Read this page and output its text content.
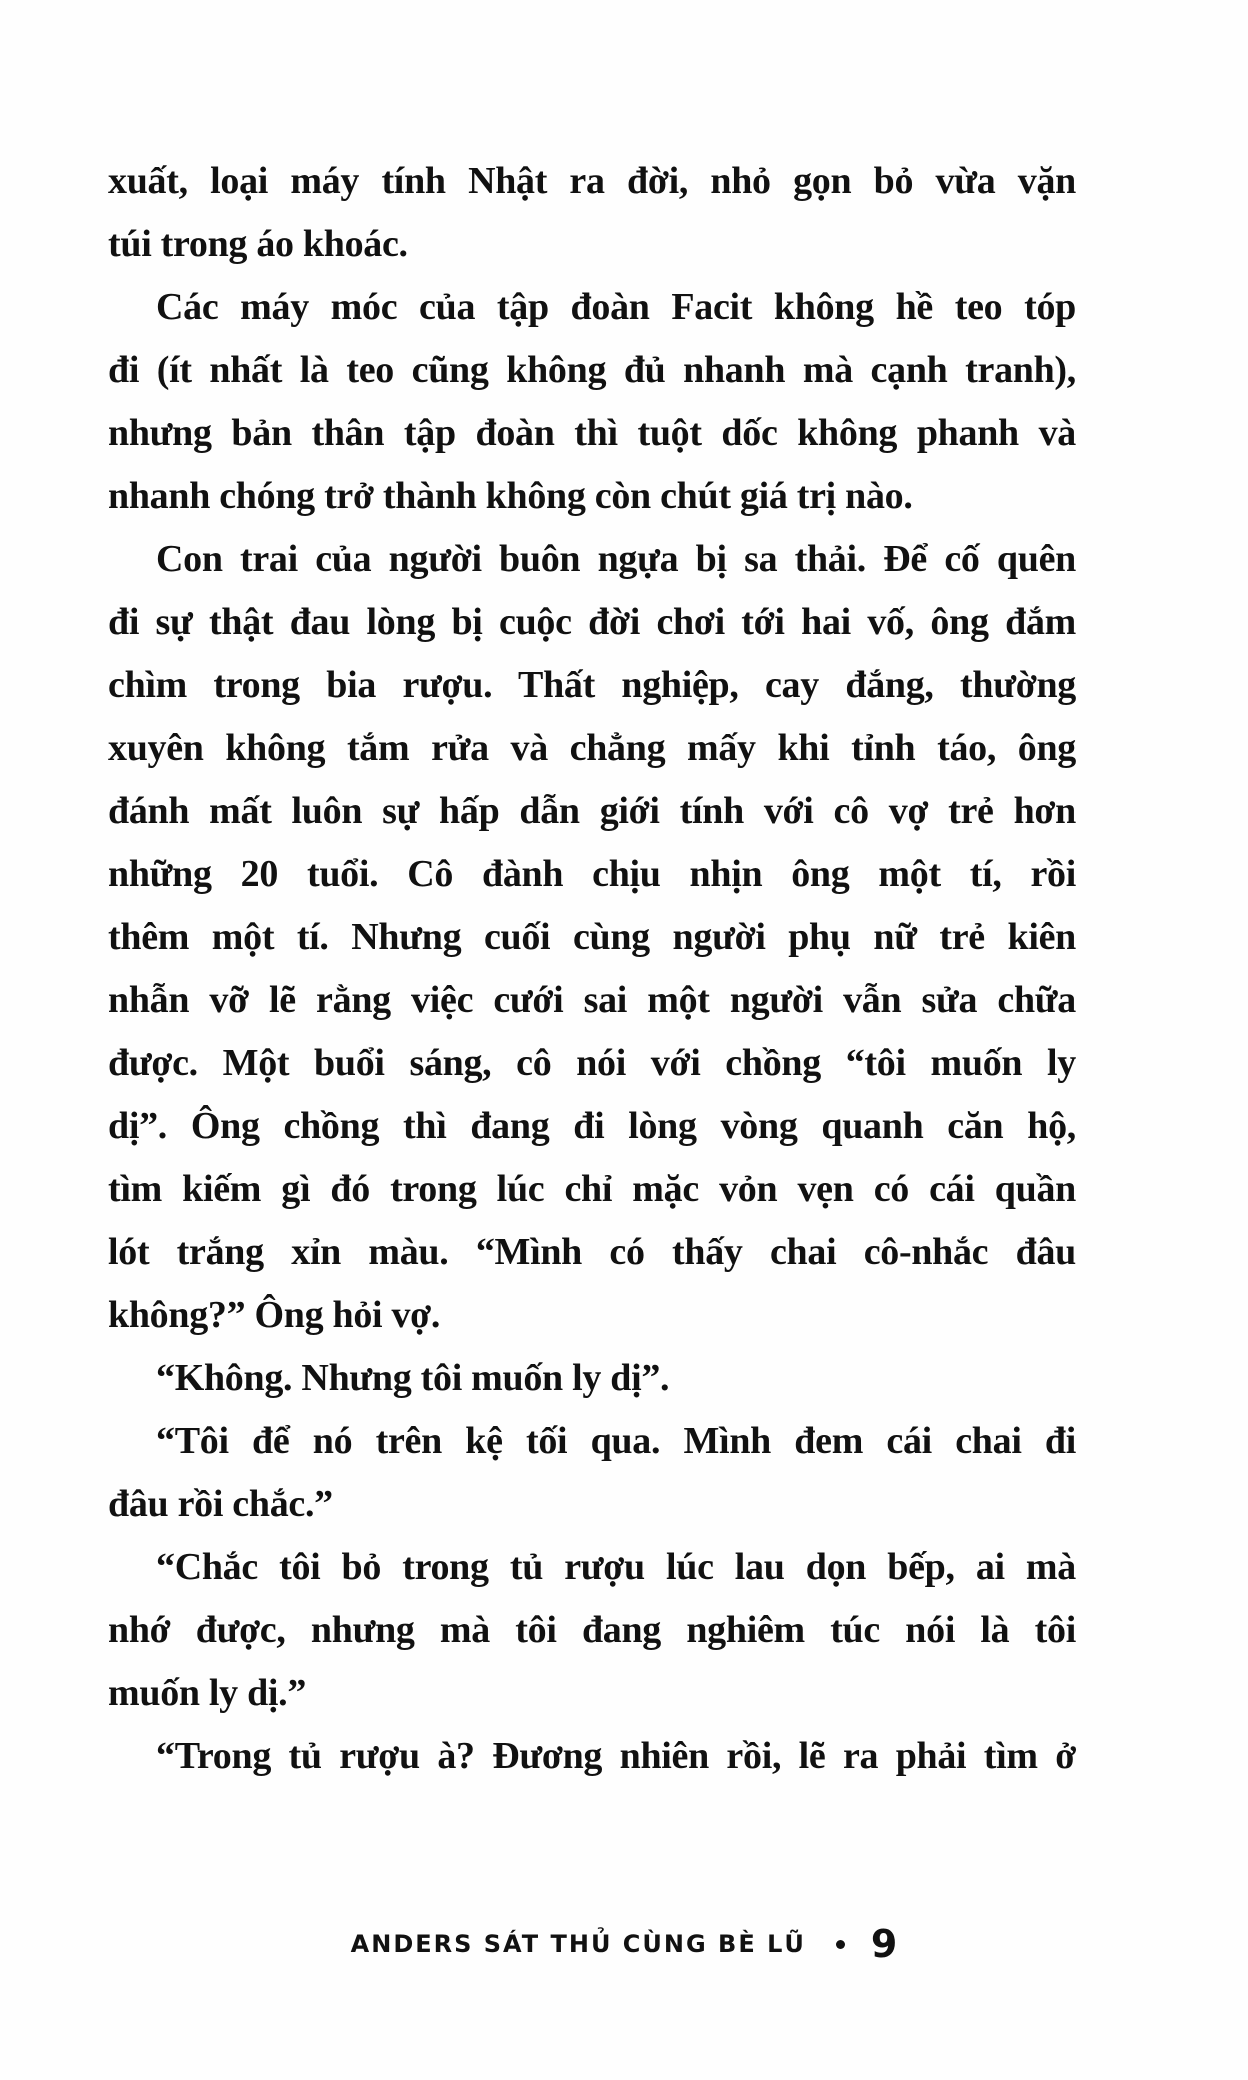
xuất, loại máy tính Nhật ra đời, nhỏ gọn bỏ vừa vặn
túi trong áo khoác.
Các máy móc của tập đoàn Facit không hề teo tóp
đi (ít nhất là teo cũng không đủ nhanh mà cạnh tranh),
nhưng bản thân tập đoàn thì tuột dốc không phanh và
nhanh chóng trở thành không còn chút giá trị nào.
Con trai của người buôn ngựa bị sa thải. Để cố quên
đi sự thật đau lòng bị cuộc đời chơi tới hai vố, ông đắm
chìm trong bia rượu. Thất nghiệp, cay đắng, thường
xuyên không tắm rửa và chẳng mấy khi tỉnh táo, ông
đánh mất luôn sự hấp dẫn giới tính với cô vợ trẻ hơn
những 20 tuổi. Cô đành chịu nhịn ông một tí, rồi
thêm một tí. Nhưng cuối cùng người phụ nữ trẻ kiên
nhẫn vỡ lẽ rằng việc cưới sai một người vẫn sửa chữa
được. Một buổi sáng, cô nói với chồng “tôi muốn ly
dị”. Ông chồng thì đang đi lòng vòng quanh căn hộ,
tìm kiếm gì đó trong lúc chỉ mặc vỏn vẹn có cái quần
lót trắng xỉn màu. “Mình có thấy chai cô-nhắc đâu
không?” Ông hỏi vợ.
“Không. Nhưng tôi muốn ly dị”.
“Tôi để nó trên kệ tối qua. Mình đem cái chai đi
đâu rồi chắc.”
“Chắc tôi bỏ trong tủ rượu lúc lau dọn bếp, ai mà
nhớ được, nhưng mà tôi đang nghiêm túc nói là tôi
muốn ly dị.”
“Trong tủ rượu à? Đương nhiên rồi, lẽ ra phải tìm ở
ANDERS SÁT THỦ CÙNG BÈ LŨ 9
